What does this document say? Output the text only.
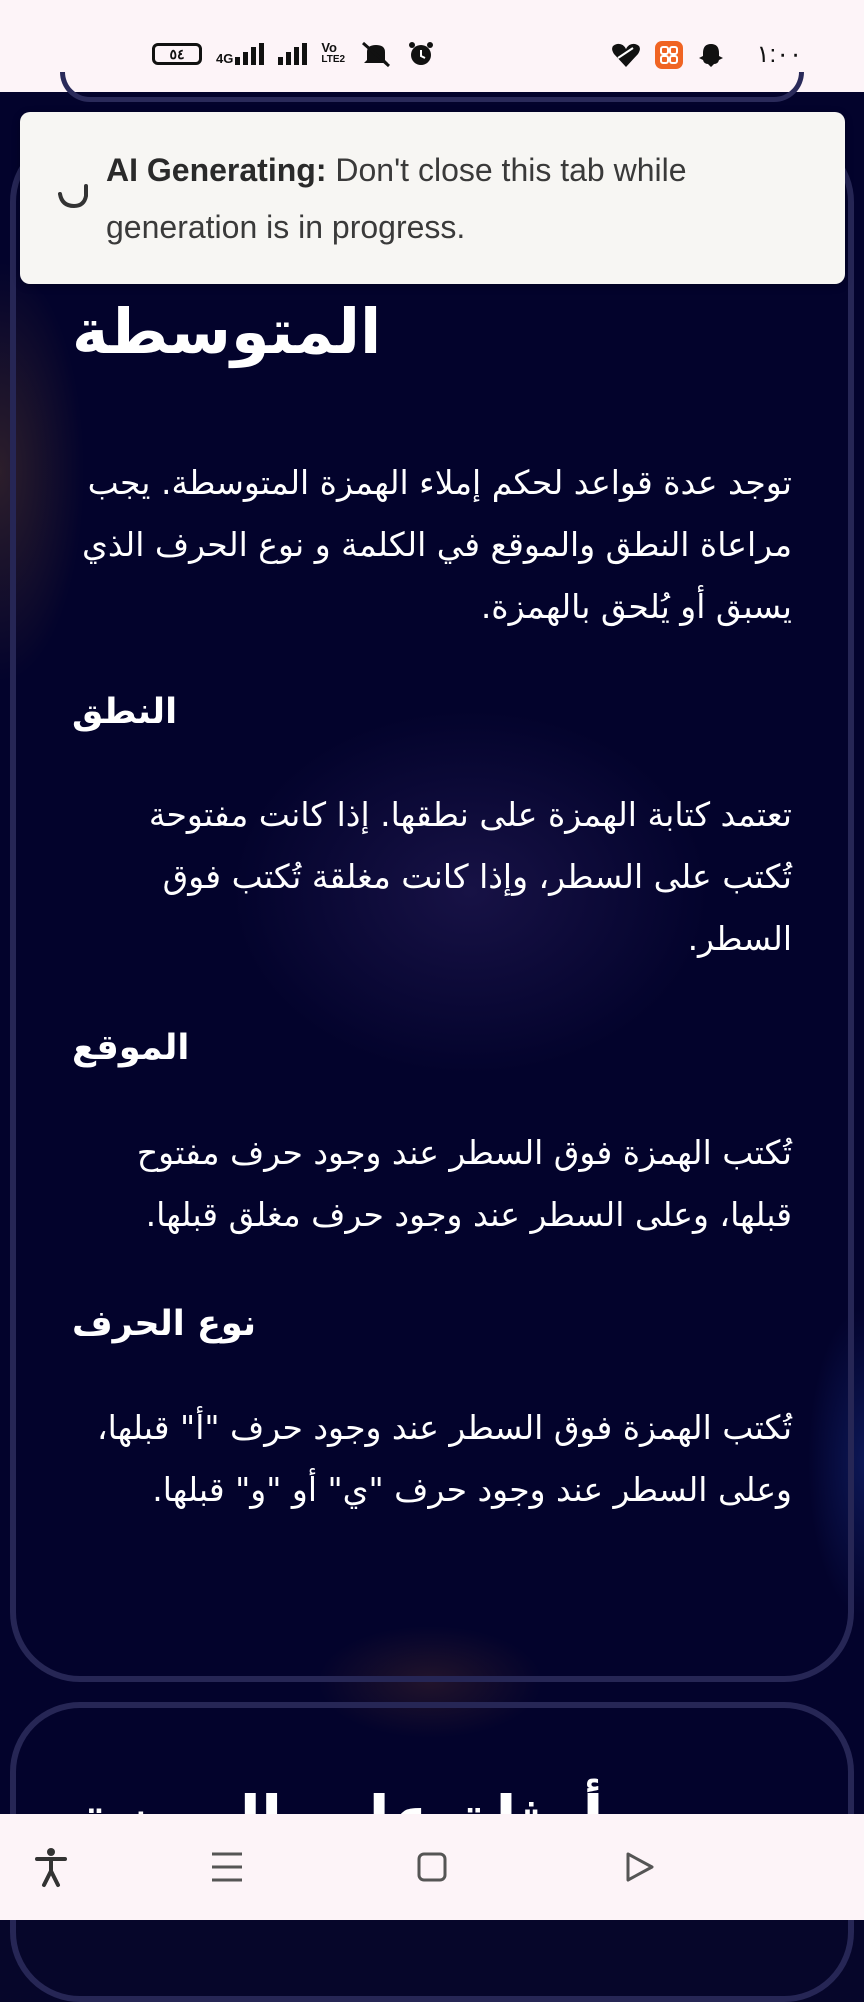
٥٤ 4G
Vo
LTE2	١:٠٠
المتوسطة
توجد عدة قواعد لحكم إملاء الهمزة المتوسطة. يجب مراعاة النطق والموقع في الكلمة و نوع الحرف الذي يسبق أو يُلحق بالهمزة.
النطق
تعتمد كتابة الهمزة على نطقها. إذا كانت مفتوحة تُكتب على السطر، وإذا كانت مغلقة تُكتب فوق السطر.
الموقع
تُكتب الهمزة فوق السطر عند وجود حرف مفتوح قبلها، وعلى السطر عند وجود حرف مغلق قبلها.
نوع الحرف
تُكتب الهمزة فوق السطر عند وجود حرف "أ" قبلها، وعلى السطر عند وجود حرف "ي" أو "و" قبلها.
AI Generating: Don't close this tab while generation is in progress.
